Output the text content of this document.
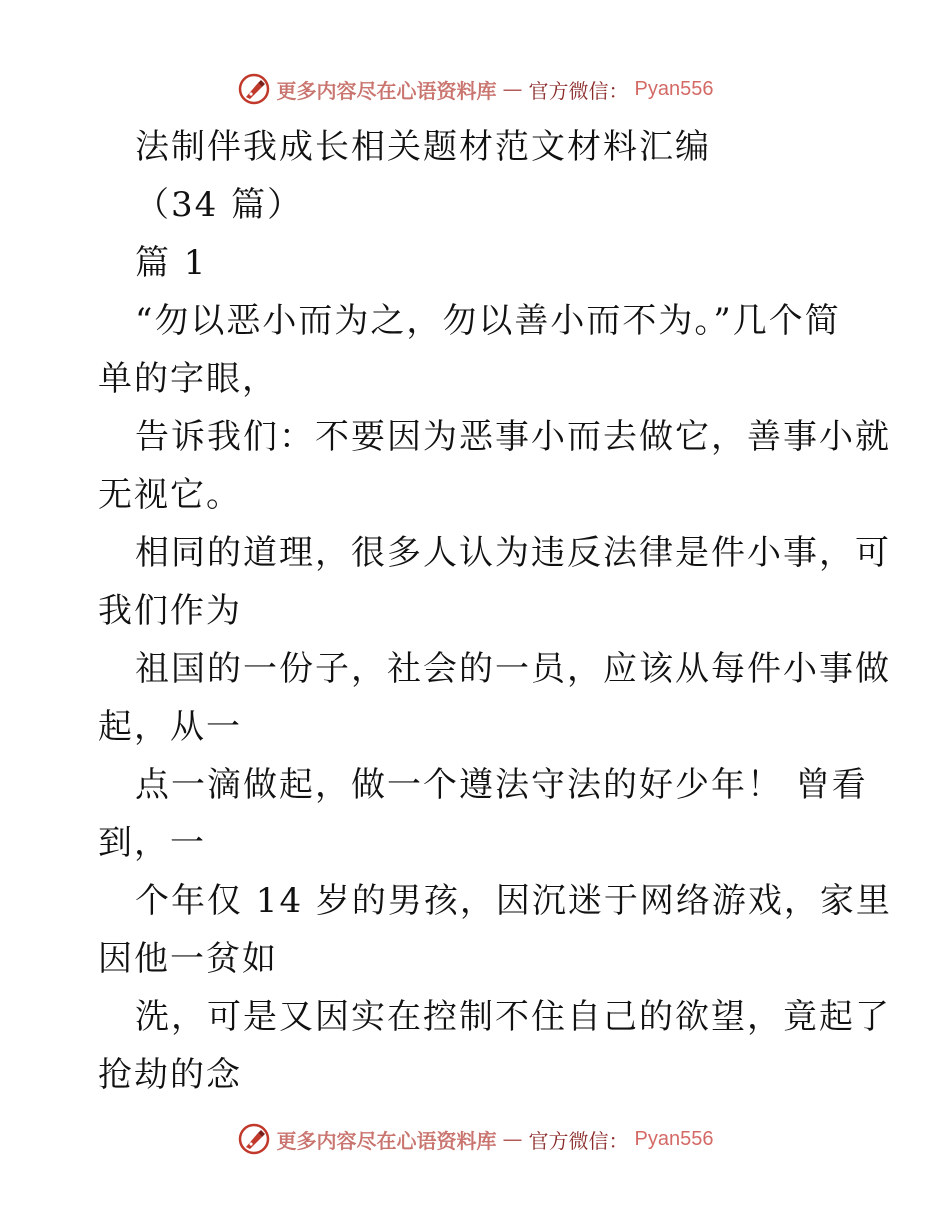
更多内容尽在心语资料库 — 官方微信： Pyan556
法制伴我成长相关题材范文材料汇编
（34 篇）
篇 1
“勿以恶小而为之，勿以善小而不为。”几个简
单的字眼，
告诉我们：不要因为恶事小而去做它，善事小就
无视它。
相同的道理，很多人认为违反法律是件小事，可
我们作为
祖国的一份子，社会的一员，应该从每件小事做
起，从一
点一滴做起，做一个遵法守法的好少年！ 曾看
到，一
个年仅 14 岁的男孩，因沉迷于网络游戏，家里
因他一贫如
洗，可是又因实在控制不住自己的欲望，竟起了
抢劫的念
更多内容尽在心语资料库 — 官方微信： Pyan556
